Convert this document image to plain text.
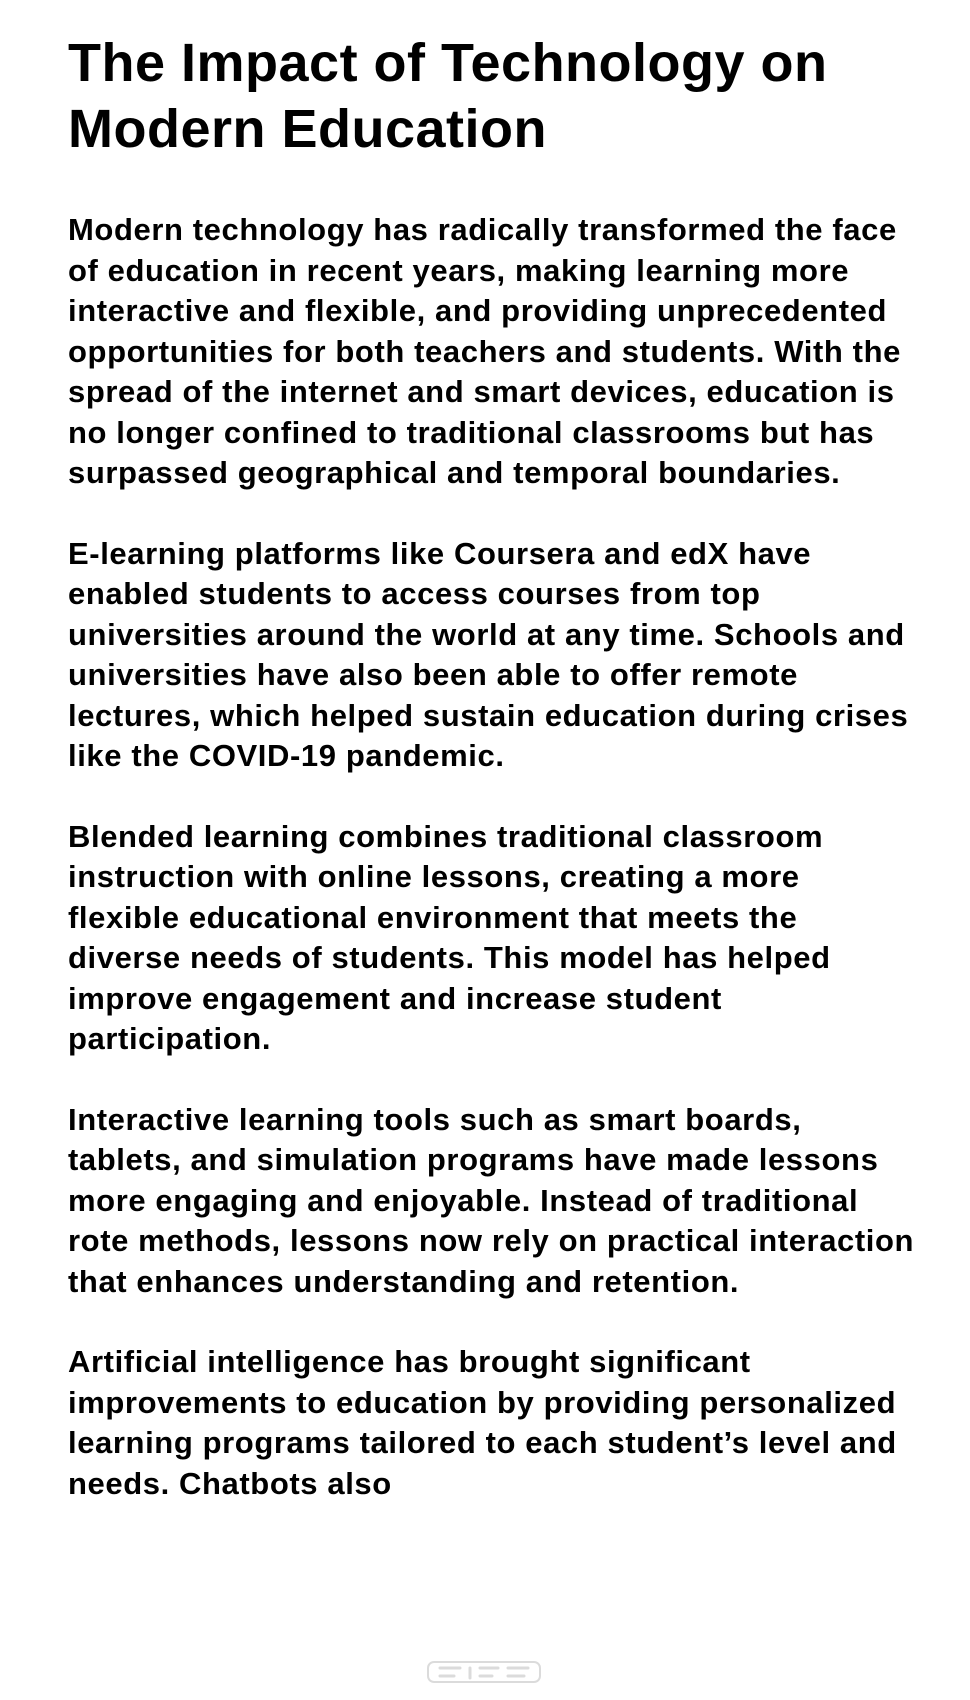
The Impact of Technology on Modern Education

Modern technology has radically transformed the face of education in recent years, making learning more interactive and flexible, and providing unprecedented opportunities for both teachers and students. With the spread of the internet and smart devices, education is no longer confined to traditional classrooms but has surpassed geographical and temporal boundaries.

E-learning platforms like Coursera and edX have enabled students to access courses from top universities around the world at any time. Schools and universities have also been able to offer remote lectures, which helped sustain education during crises like the COVID-19 pandemic.

Blended learning combines traditional classroom instruction with online lessons, creating a more flexible educational environment that meets the diverse needs of students. This model has helped improve engagement and increase student participation.

Interactive learning tools such as smart boards, tablets, and simulation programs have made lessons more engaging and enjoyable. Instead of traditional rote methods, lessons now rely on practical interaction that enhances understanding and retention.

Artificial intelligence has brought significant improvements to education by providing personalized learning programs tailored to each student’s level and needs. Chatbots also
